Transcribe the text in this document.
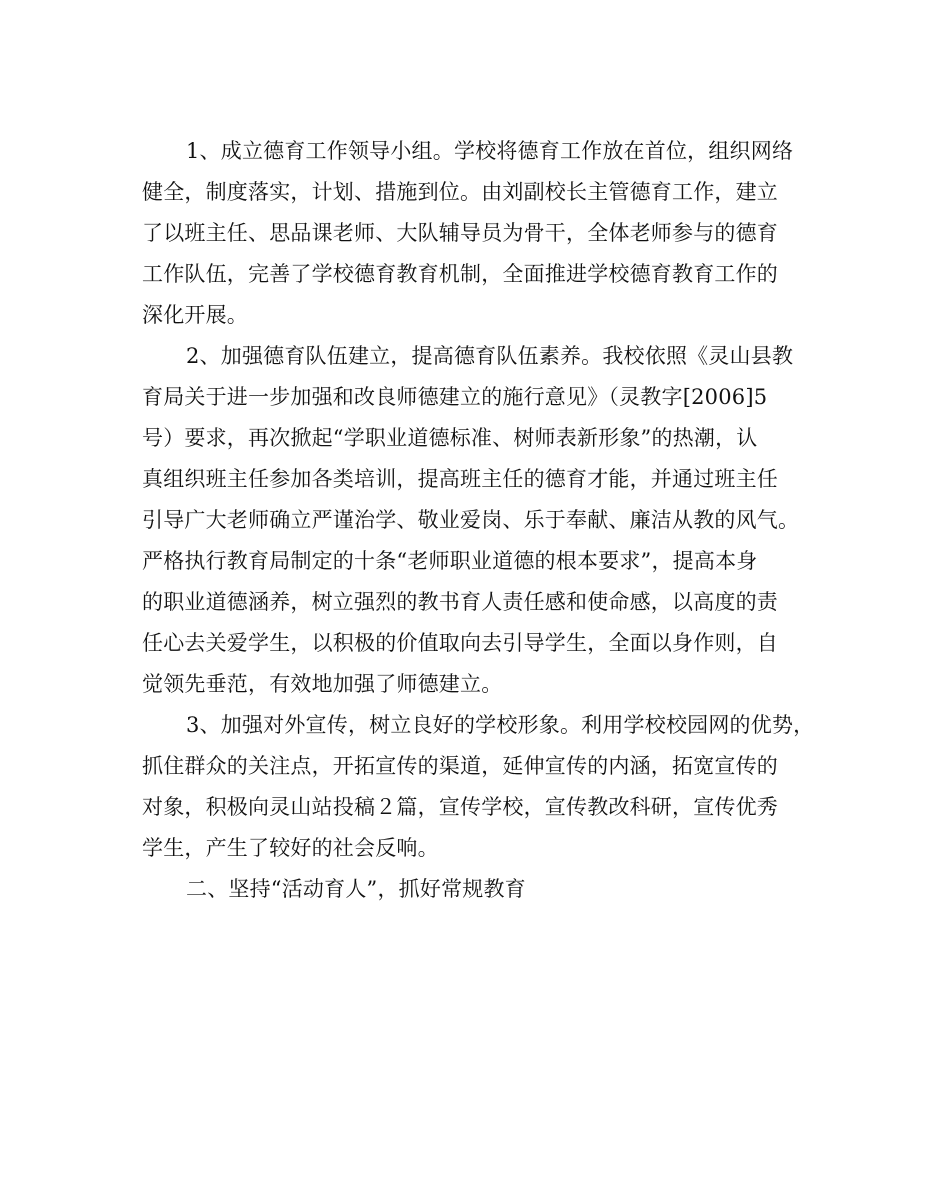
1、成立德育工作领导小组。学校将德育工作放在首位，组织网络
健全，制度落实，计划、措施到位。由刘副校长主管德育工作，建立
了以班主任、思品课老师、大队辅导员为骨干，全体老师参与的德育
工作队伍，完善了学校德育教育机制，全面推进学校德育教育工作的
深化开展。
2、加强德育队伍建立，提高德育队伍素养。我校依照《灵山县教
育局关于进一步加强和改良师德建立的施行意见》（灵教字[2006]5
号）要求，再次掀起“学职业道德标准、树师表新形象”的热潮，认
真组织班主任参加各类培训，提高班主任的德育才能，并通过班主任
引导广大老师确立严谨治学、敬业爱岗、乐于奉献、廉洁从教的风气。
严格执行教育局制定的十条“老师职业道德的根本要求”，提高本身
的职业道德涵养，树立强烈的教书育人责任感和使命感，以高度的责
任心去关爱学生，以积极的价值取向去引导学生，全面以身作则，自
觉领先垂范，有效地加强了师德建立。
3、加强对外宣传，树立良好的学校形象。利用学校校园网的优势，
抓住群众的关注点，开拓宣传的渠道，延伸宣传的内涵，拓宽宣传的
对象，积极向灵山站投稿２篇，宣传学校，宣传教改科研，宣传优秀
学生，产生了较好的社会反响。
二、坚持“活动育人”，抓好常规教育
